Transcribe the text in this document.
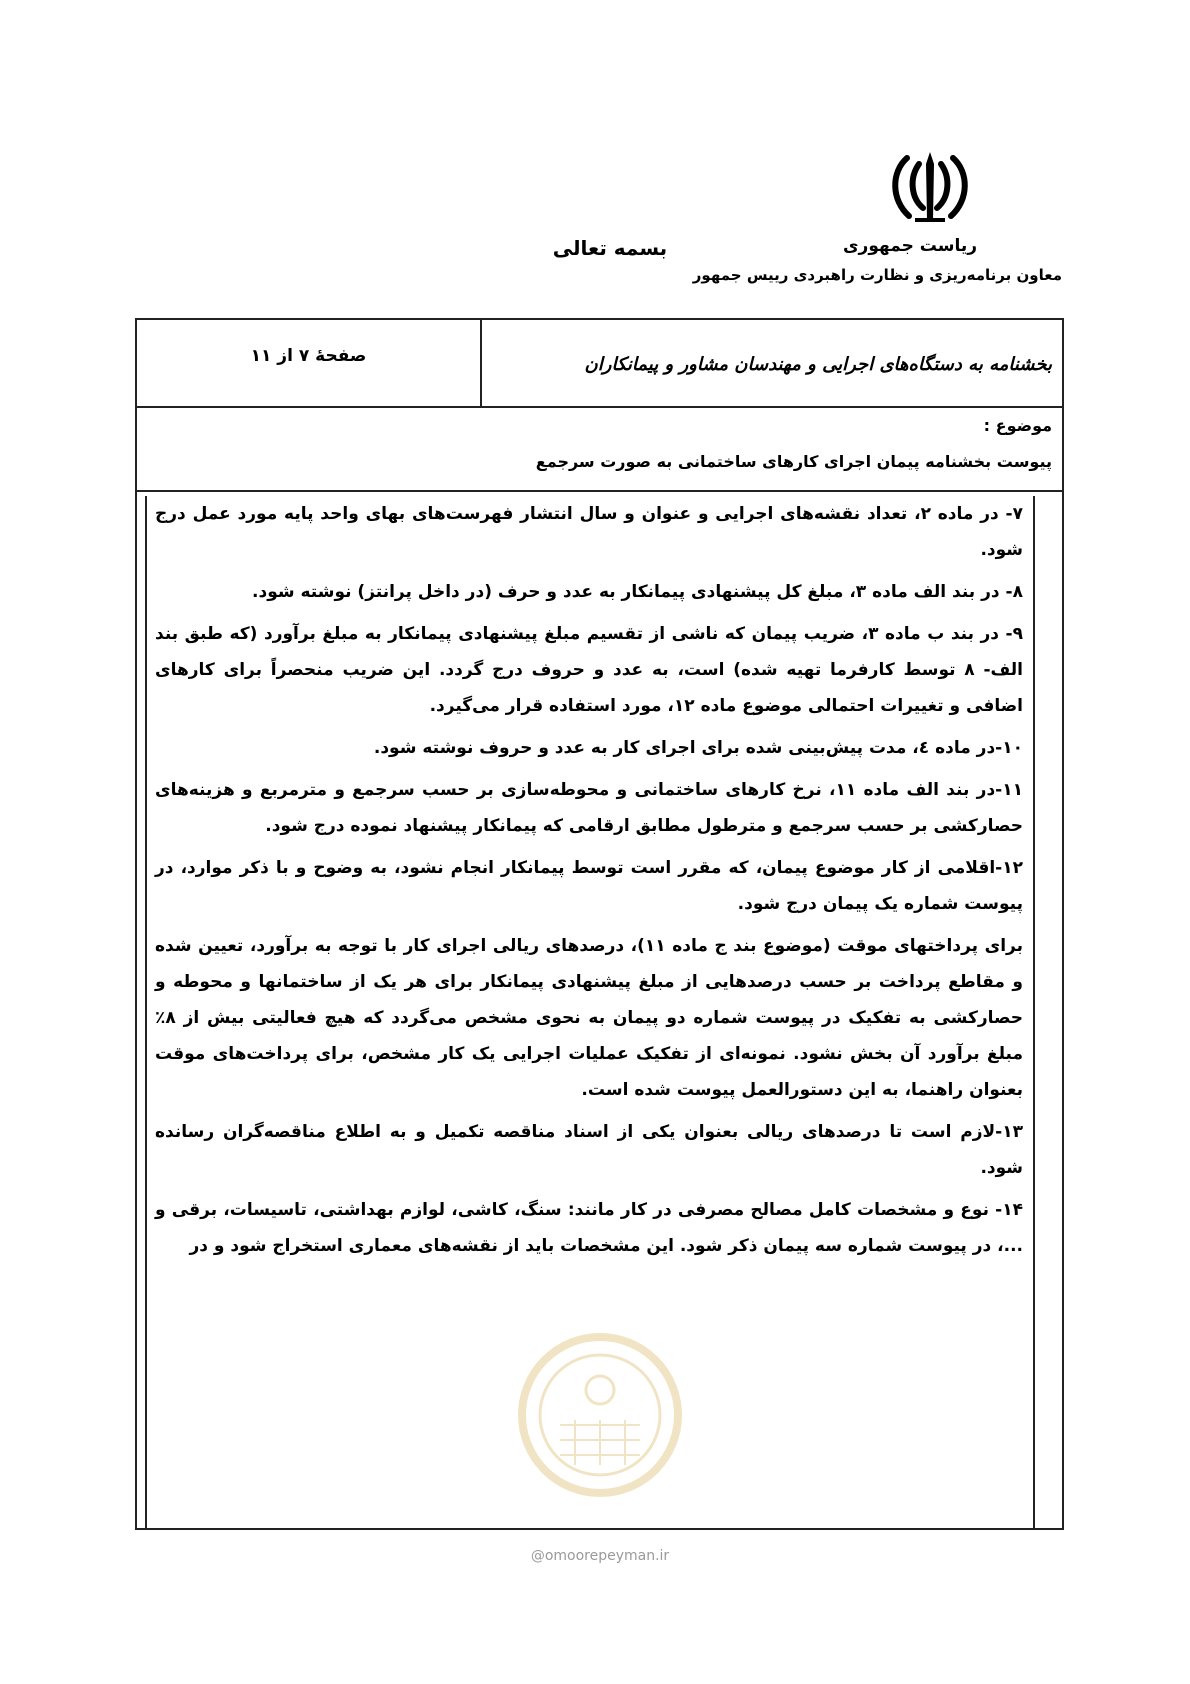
بسمه تعالی	ریاست جمهوری
معاون برنامه‌ریزی و نظارت راهبردی رییس جمهور
صفحهٔ ۷ از ۱۱	بخشنامه به دستگاه‌های اجرایی و مهندسان مشاور و پیمانکاران
موضوع :
پیوست بخشنامه پیمان اجرای کارهای ساختمانی به صورت سرجمع

۷- در ماده ۲، تعداد نقشه‌های اجرایی و عنوان و سال انتشار فهرست‌های بهای واحد پایه مورد عمل درج شود.

۸- در بند الف ماده ۳، مبلغ کل پیشنهادی پیمانکار به عدد و حرف (در داخل پرانتز) نوشته شود.

۹- در بند ب ماده ۳، ضریب پیمان که ناشی از تقسیم مبلغ پیشنهادی پیمانکار به مبلغ برآورد (که طبق بند الف- ۸ توسط کارفرما تهیه شده) است، به عدد و حروف درج گردد. این ضریب منحصراً برای کارهای اضافی و تغییرات احتمالی موضوع ماده ۱۲، مورد استفاده قرار می‌گیرد.

۱۰-در ماده ٤، مدت پیش‌بینی شده برای اجرای کار به عدد و حروف نوشته شود.

۱۱-در بند الف ماده ۱۱، نرخ کارهای ساختمانی و محوطه‌سازی بر حسب سرجمع و مترمربع و هزینه‌های حصارکشی بر حسب سرجمع و مترطول مطابق ارقامی که پیمانکار پیشنهاد نموده درج شود.

۱۲-اقلامی از کار موضوع پیمان، که مقرر است توسط پیمانکار انجام نشود، به وضوح و با ذکر موارد، در پیوست شماره یک پیمان درج شود.

برای پرداختهای موقت (موضوع بند ج ماده ۱۱)، درصدهای ریالی اجرای کار با توجه به برآورد، تعیین شده و مقاطع پرداخت بر حسب درصدهایی از مبلغ پیشنهادی پیمانکار برای هر یک از ساختمانها و محوطه و حصارکشی به تفکیک در پیوست شماره دو پیمان به نحوی مشخص می‌گردد که هیچ فعالیتی بیش از ۸٪ مبلغ برآورد آن بخش نشود. نمونه‌ای از تفکیک عملیات اجرایی یک کار مشخص، برای پرداخت‌های موقت بعنوان راهنما، به این دستورالعمل پیوست شده است.

۱۳-لازم است تا درصدهای ریالی بعنوان یکی از اسناد مناقصه تکمیل و به اطلاع مناقصه‌گران رسانده شود.

۱۴- نوع و مشخصات کامل مصالح مصرفی در کار مانند: سنگ، کاشی، لوازم بهداشتی، تاسیسات، برقی و ...، در پیوست شماره سه پیمان ذکر شود. این مشخصات باید از نقشه‌های معماری استخراج شود و در

@omoorepeyman.ir
